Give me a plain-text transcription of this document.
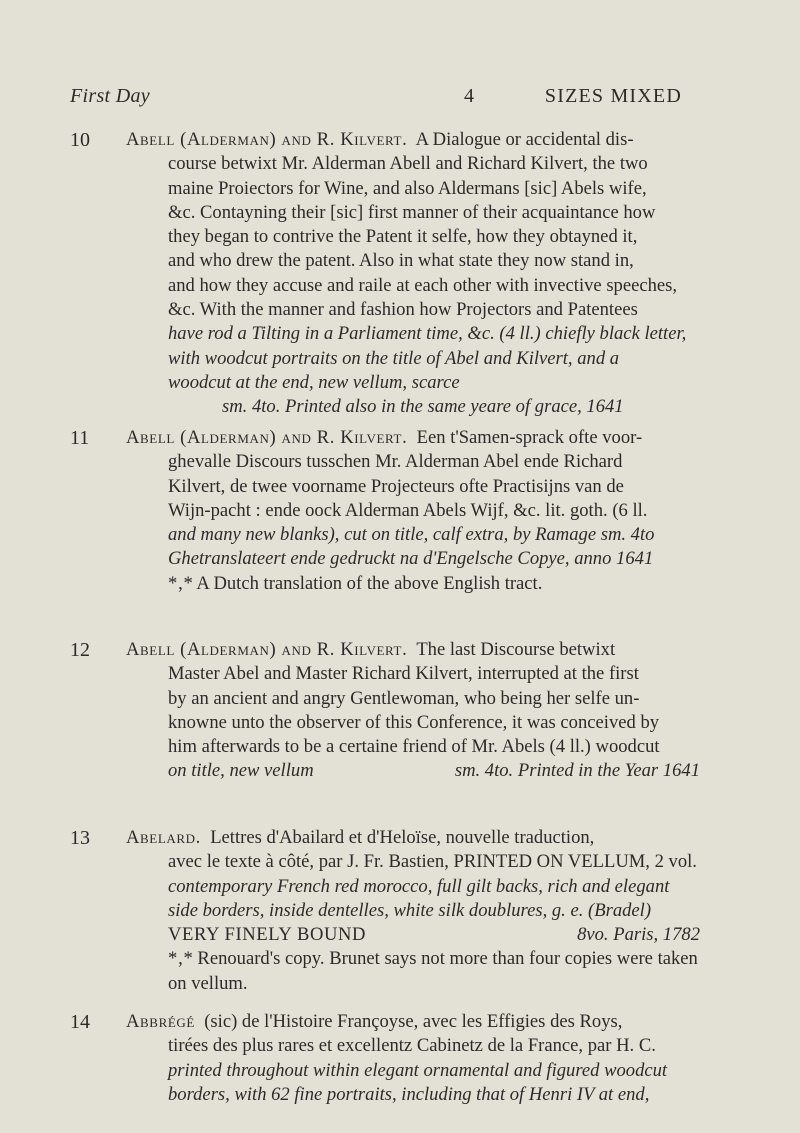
First Day	4	SIZES MIXED
10	Abell (Alderman) and R. Kilvert. A Dialogue or accidental dis-

course betwixt Mr. Alderman Abell and Richard Kilvert, the two

maine Proiectors for Wine, and also Aldermans [sic] Abels wife,

&c. Contayning their [sic] first manner of their acquaintance how

they began to contrive the Patent it selfe, how they obtayned it,

and who drew the patent. Also in what state they now stand in,

and how they accuse and raile at each other with invective speeches,

&c. With the manner and fashion how Projectors and Patentees

have rod a Tilting in a Parliament time, &c. (4 ll.) chiefly black letter,

with woodcut portraits on the title of Abel and Kilvert, and a

woodcut at the end, new vellum, scarce

sm. 4to. Printed also in the same yeare of grace, 1641

11	Abell (Alderman) and R. Kilvert. Een t'Samen-sprack ofte voor-

ghevalle Discours tusschen Mr. Alderman Abel ende Richard

Kilvert, de twee voorname Projecteurs ofte Practisijns van de

Wijn-pacht : ende oock Alderman Abels Wijf, &c. lit. goth. (6 ll.

and many new blanks), cut on title, calf extra, by Ramage sm. 4to

Ghetranslateert ende gedruckt na d'Engelsche Copye, anno 1641

*‚* A Dutch translation of the above English tract.

12	Abell (Alderman) and R. Kilvert. The last Discourse betwixt

Master Abel and Master Richard Kilvert, interrupted at the first

by an ancient and angry Gentlewoman, who being her selfe un-

knowne unto the observer of this Conference, it was conceived by

him afterwards to be a certaine friend of Mr. Abels (4 ll.) woodcut

on title, new vellum	sm. 4to. Printed in the Year 1641
13	Abelard. Lettres d'Abailard et d'Heloïse, nouvelle traduction,

avec le texte à côté, par J. Fr. Bastien, PRINTED ON VELLUM, 2 vol.

contemporary French red morocco, full gilt backs, rich and elegant

side borders, inside dentelles, white silk doublures, g. e. (Bradel)

VERY FINELY BOUND	8vo. Paris, 1782

*‚* Renouard's copy. Brunet says not more than four copies were taken on vellum.

14	Abbrégé (sic) de l'Histoire Françoyse, avec les Effigies des Roys,

tirées des plus rares et excellentz Cabinetz de la France, par H. C.

printed throughout within elegant ornamental and figured woodcut

borders, with 62 fine portraits, including that of Henri IV at end,
